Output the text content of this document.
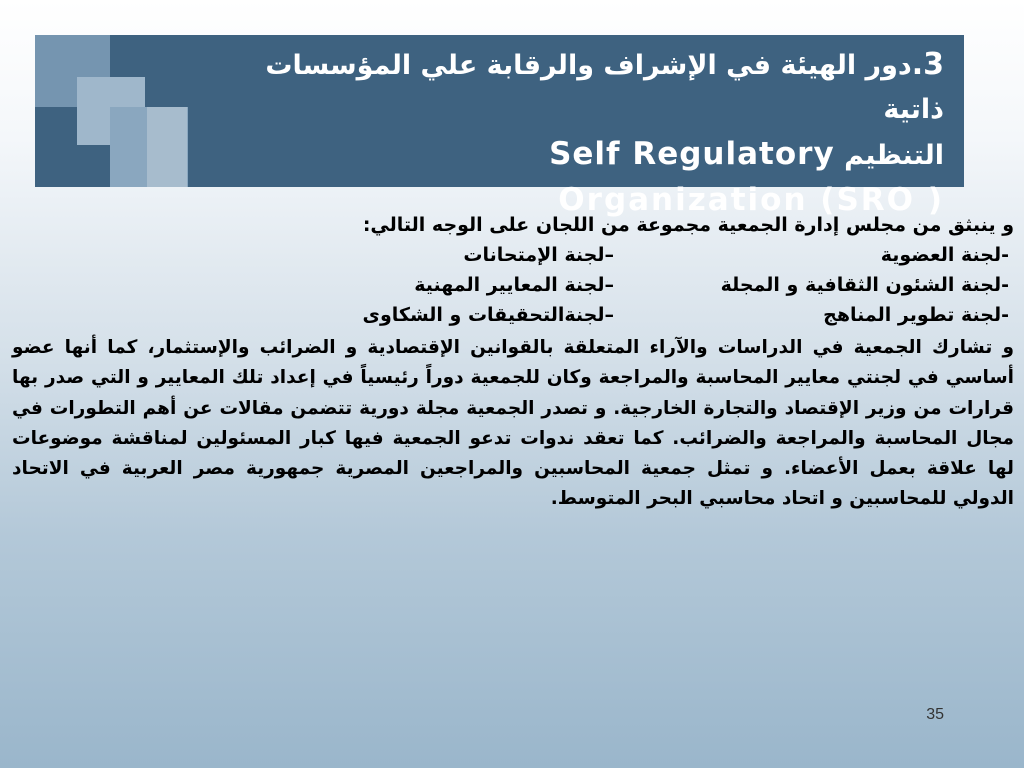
3.دور الهيئة في الإشراف والرقابة علي المؤسسات ذاتية
التنظيم Self Regulatory
Organization (SRO )

و ينبثق من مجلس إدارة الجمعية مجموعة من اللجان على الوجه التالي:

-لجنة العضوية
–لجنة الإمتحانات
-لجنة الشئون الثقافية و المجلة
–لجنة المعايير المهنية
-لجنة تطوير المناهج
–لجنةالتحقيقات و الشكاوى

و تشارك الجمعية في الدراسات والآراء المتعلقة بالقوانين الإقتصادية و الضرائب والإستثمار، كما أنها عضو أساسي في لجنتي معايير المحاسبة والمراجعة وكان للجمعية دوراً رئيسياً في إعداد تلك المعايير و التي صدر بها قرارات من وزير الإقتصاد والتجارة الخارجية. و تصدر الجمعية مجلة دورية تتضمن مقالات عن أهم التطورات في مجال المحاسبة والمراجعة والضرائب. كما تعقد ندوات تدعو الجمعية فيها كبار المسئولين لمناقشة موضوعات لها علاقة بعمل الأعضاء. و تمثل جمعية المحاسبين والمراجعين المصرية جمهورية مصر العربية في الاتحاد الدولي للمحاسبين و اتحاد محاسبي البحر المتوسط.

35
